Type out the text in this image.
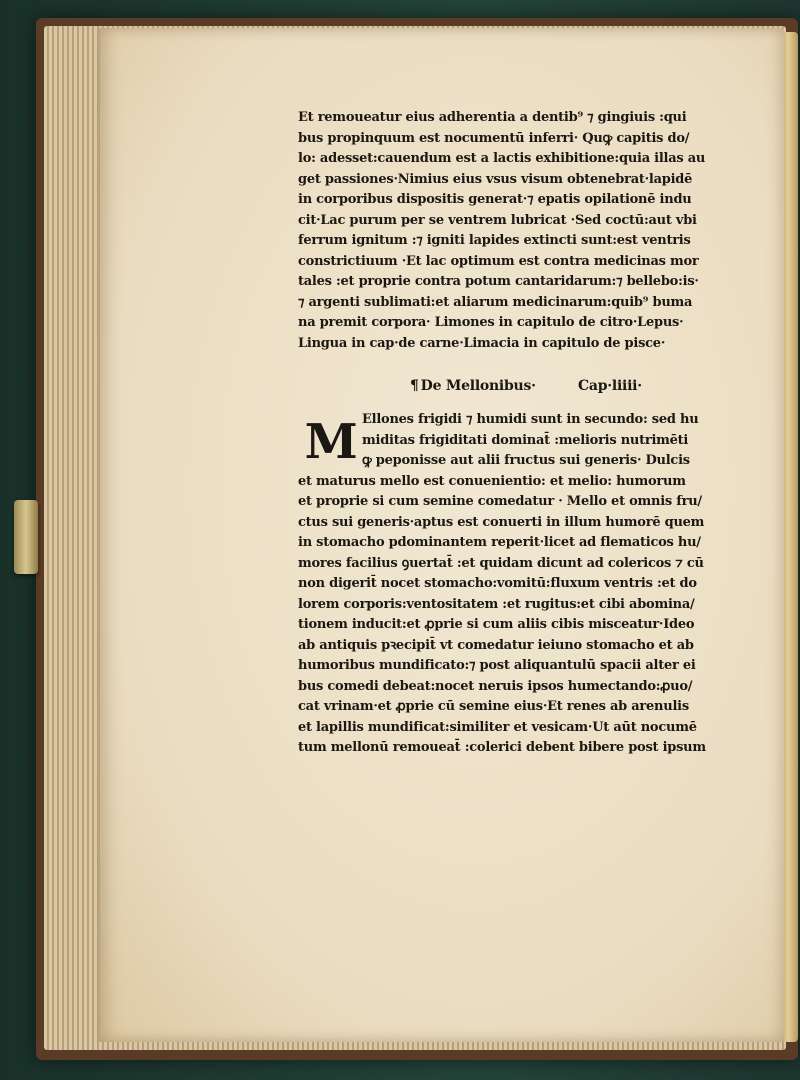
Et remoueatur eius adherentia a dentib⁹ ⁊ gingiuis :qui
bus propinquum est nocumentū inferri· Quꝙ capitis do/
lo: adesset:cauendum est a lactis exhibitione:quia illas au
get passiones·Nimius eius vsus visum obtenebrat·lapidē
in corporibus dispositis generat·⁊ epatis opilationē indu
cit·Lac purum per se ventrem lubricat ·Sed coctū:aut vbi
ferrum ignitum :⁊ igniti lapides extincti sunt:est ventris
constrictiuum ·Et lac optimum est contra medicinas mor
tales :et proprie contra potum cantaridarum:⁊ bellebo:is·
⁊ argenti sublimati:et aliarum medicinarum:quib⁹ buma
na premit corpora· Limones in capitulo de citro·Lepus·
Lingua in cap·de carne·Limacia in capitulo de pisce·
¶ De Mellonibus·	Cap·liiii·
M Ellones frigidi ⁊ humidi sunt in secundo: sed hu
miditas frigiditati dominat̄ :melioris nutrimēti
ꝙ peponisse aut alii fructus sui generis· Dulcis
et maturus mello est conuenientio: et melio: humorum
et proprie si cum semine comedatur · Mello et omnis fru/
ctus sui generis·aptus est conuerti in illum humorē quem
in stomacho pdominantem reperit·licet ad flematicos hu/
mores facilius ꝯuertat̄ :et quidam dicunt ad colericos ⁊ cū
non digerit̄ nocet stomacho:vomitū:fluxum ventris :et do
lorem corporis:ventositatem :et rugitus:et cibi abomina/
tionem inducit:et ꝓprie si cum aliis cibis misceatur·Ideo
ab antiquis pꝛecipit̄ vt comedatur ieiuno stomacho et ab
humoribus mundificato:⁊ post aliquantulū spacii alter ei
bus comedi debeat:nocet neruis ipsos humectando:ꝓuo/
cat vrinam·et ꝓprie cū semine eius·Et renes ab arenulis
et lapillis mundificat:similiter et vesicam·Ut aūt nocumē
tum mellonū remoueat̄ :colerici debent bibere post ipsum
